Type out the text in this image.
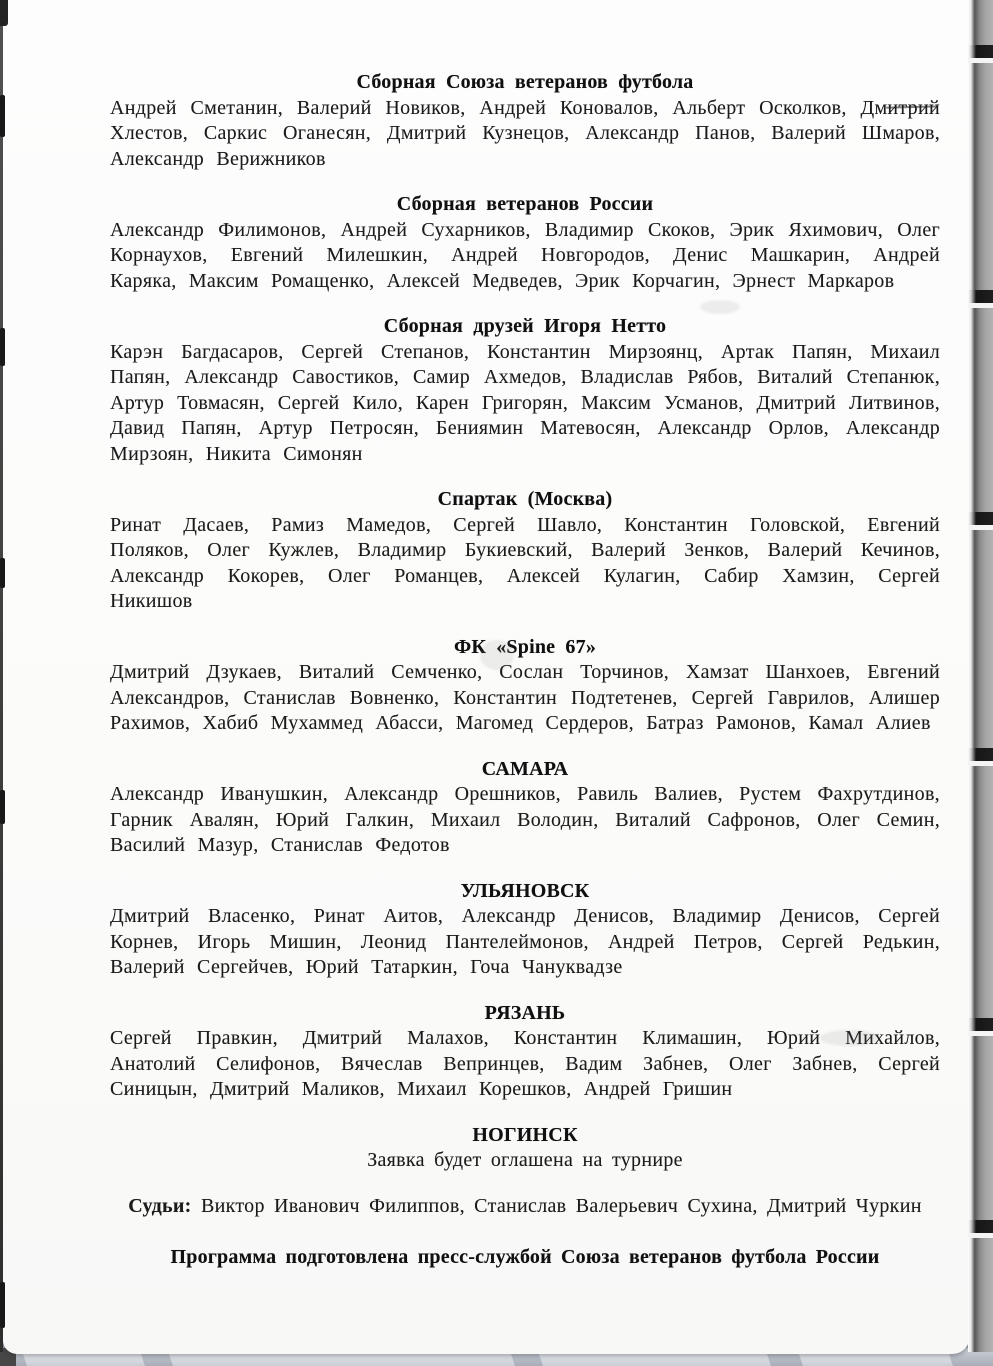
Сборная Союза ветеранов футбола

Андрей Сметанин, Валерий Новиков, Андрей Коновалов, Альберт Осколков, Дмитрий Хлестов, Саркис Оганесян, Дмитрий Кузнецов, Александр Панов, Валерий Шмаров, Александр Верижников

Сборная ветеранов России

Александр Филимонов, Андрей Сухарников, Владимир Скоков, Эрик Яхимович, Олег Корнаухов, Евгений Милешкин, Андрей Новгородов, Денис Машкарин, Андрей Каряка, Максим Ромащенко, Алексей Медведев, Эрик Корчагин, Эрнест Маркаров

Сборная друзей Игоря Нетто

Карэн Багдасаров, Сергей Степанов, Константин Мирзоянц, Артак Папян, Михаил Папян, Александр Савостиков, Самир Ахмедов, Владислав Рябов, Виталий Степанюк, Артур Товмасян, Сергей Кило, Карен Григорян, Максим Усманов, Дмитрий Литвинов, Давид Папян, Артур Петросян, Бениямин Матевосян, Александр Орлов, Александр Мирзоян, Никита Симонян

Спартак (Москва)

Ринат Дасаев, Рамиз Мамедов, Сергей Шавло, Константин Головской, Евгений Поляков, Олег Кужлев, Владимир Букиевский, Валерий Зенков, Валерий Кечинов, Александр Кокорев, Олег Романцев, Алексей Кулагин, Сабир Хамзин, Сергей Никишов

ФК «Spine 67»

Дмитрий Дзукаев, Виталий Семченко, Сослан Торчинов, Хамзат Шанхоев, Евгений Александров, Станислав Вовненко, Константин Подтетенев, Сергей Гаврилов, Алишер Рахимов, Хабиб Мухаммед Абасси, Магомед Сердеров, Батраз Рамонов, Камал Алиев

САМАРА

Александр Иванушкин, Александр Орешников, Равиль Валиев, Рустем Фахрутдинов, Гарник Авалян, Юрий Галкин, Михаил Володин, Виталий Сафронов, Олег Семин, Василий Мазур, Станислав Федотов

УЛЬЯНОВСК

Дмитрий Власенко, Ринат Аитов, Александр Денисов, Владимир Денисов, Сергей Корнев, Игорь Мишин, Леонид Пантелеймонов, Андрей Петров, Сергей Редькин, Валерий Сергейчев, Юрий Татаркин, Гоча Чануквадзе

РЯЗАНЬ

Сергей Правкин, Дмитрий Малахов, Константин Климашин, Юрий Михайлов, Анатолий Селифонов, Вячеслав Вепринцев, Вадим Забнев, Олег Забнев, Сергей Синицын, Дмитрий Маликов, Михаил Корешков, Андрей Гришин

НОГИНСК

Заявка будет оглашена на турнире

Судьи: Виктор Иванович Филиппов, Станислав Валерьевич Сухина, Дмитрий Чуркин

Программа подготовлена пресс-службой Союза ветеранов футбола России
